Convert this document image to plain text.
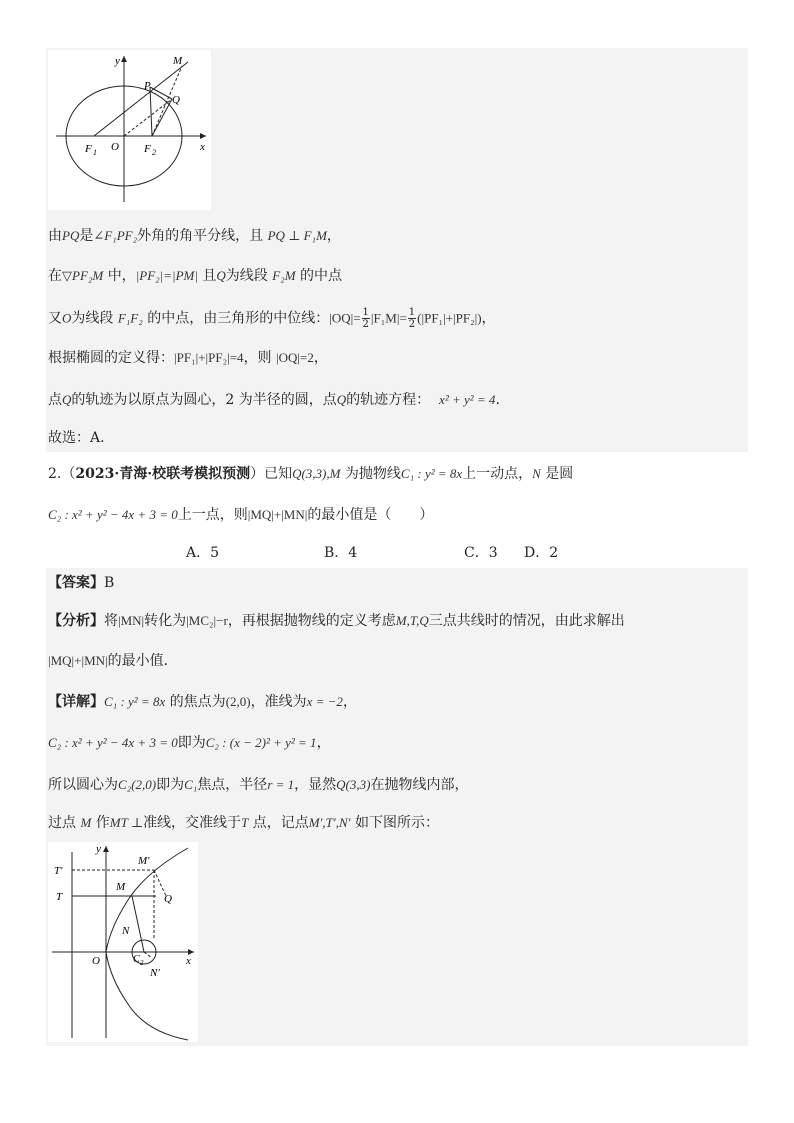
y
x
M
P
Q
F 1 O F 2
由PQ是∠F₁PF₂外角的角平分线，且 PQ ⊥ F₁M，
在▽PF₂M 中，|PF₂|=|PM| 且Q为线段 F₂M 的中点
又O为线段 F₁F₂ 的中点，由三角形的中位线：$|OQ|= \frac{1}{2} |F_1M|= \frac{1}{2} (|PF_1|+|PF_2|)$，
根据椭圆的定义得：|PF₁|+|PF₂|=4，则 |OQ|=2，
点Q的轨迹为以原点为圆心，2 为半径的圆，点Q的轨迹方程： x² + y² = 4.
故选：A.
2.（2023·青海·校联考模拟预测）已知Q(3,3),M 为抛物线C₁ : y² = 8x上一动点，N 是圆
C₂ : x² + y² − 4x + 3 = 0上一点，则|MQ|+|MN|的最小值是（　　）
A．5	B．4	C．3 D．2
【答案】B
【分析】将|MN|转化为|MC₂|−r，再根据抛物线的定义考虑M,T,Q三点共线时的情况，由此求解出
|MQ|+|MN|的最小值.
【详解】C₁ : y² = 8x 的焦点为(2,0)，准线为x = −2，
C₂ : x² + y² − 4x + 3 = 0即为C₂ : (x − 2)² + y² = 1，
所以圆心为C₂(2,0)即为C₁焦点，半径r = 1，显然Q(3,3)在抛物线内部，
过点 M 作MT ⊥准线，交准线于T 点，记点M′,T′,N′ 如下图所示：
y
x
T′
T
M′
M
Q
N
O	C 2
N′
